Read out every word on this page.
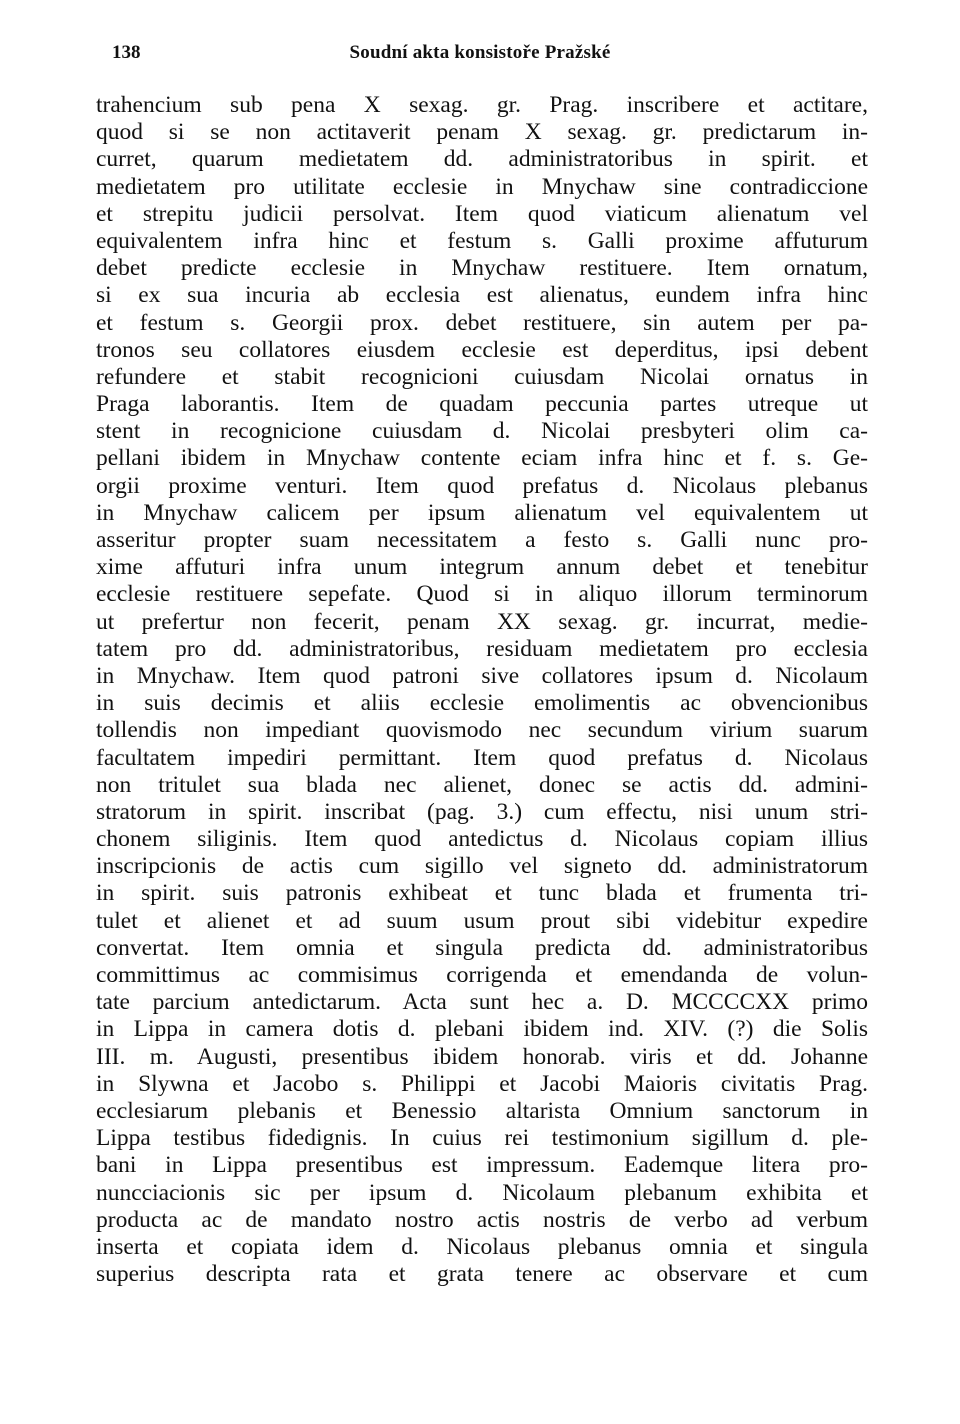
138	Soudní akta konsistoře Pražské
trahencium sub pena X sexag. gr. Prag. inscribere et actitare,
quod si se non actitaverit penam X sexag. gr. predictarum in-
curret, quarum medietatem dd. administratoribus in spirit. et
medietatem pro utilitate ecclesie in Mnychaw sine contradiccione
et strepitu judicii persolvat. Item quod viaticum alienatum vel
equivalentem infra hinc et festum s. Galli proxime affuturum
debet predicte ecclesie in Mnychaw restituere. Item ornatum,
si ex sua incuria ab ecclesia est alienatus, eundem infra hinc
et festum s. Georgii prox. debet restituere, sin autem per pa-
tronos seu collatores eiusdem ecclesie est deperditus, ipsi debent
refundere et stabit recognicioni cuiusdam Nicolai ornatus in
Praga laborantis. Item de quadam peccunia partes utreque ut
stent in recognicione cuiusdam d. Nicolai presbyteri olim ca-
pellani ibidem in Mnychaw contente eciam infra hinc et f. s. Ge-
orgii proxime venturi. Item quod prefatus d. Nicolaus plebanus
in Mnychaw calicem per ipsum alienatum vel equivalentem ut
asseritur propter suam necessitatem a festo s. Galli nunc pro-
xime affuturi infra unum integrum annum debet et tenebitur
ecclesie restituere sepefate. Quod si in aliquo illorum terminorum
ut prefertur non fecerit, penam XX sexag. gr. incurrat, medie-
tatem pro dd. administratoribus, residuam medietatem pro ecclesia
in Mnychaw. Item quod patroni sive collatores ipsum d. Nicolaum
in suis decimis et aliis ecclesie emolimentis ac obvencionibus
tollendis non impediant quovismodo nec secundum virium suarum
facultatem impediri permittant. Item quod prefatus d. Nicolaus
non tritulet sua blada nec alienet, donec se actis dd. admini-
stratorum in spirit. inscribat (pag. 3.) cum effectu, nisi unum stri-
chonem siliginis. Item quod antedictus d. Nicolaus copiam illius
inscripcionis de actis cum sigillo vel signeto dd. administratorum
in spirit. suis patronis exhibeat et tunc blada et frumenta tri-
tulet et alienet et ad suum usum prout sibi videbitur expedire
convertat. Item omnia et singula predicta dd. administratoribus
committimus ac commisimus corrigenda et emendanda de volun-
tate parcium antedictarum. Acta sunt hec a. D. MCCCCXX primo
in Lippa in camera dotis d. plebani ibidem ind. XIV. (?) die Solis
III. m. Augusti, presentibus ibidem honorab. viris et dd. Johanne
in Slywna et Jacobo s. Philippi et Jacobi Maioris civitatis Prag.
ecclesiarum plebanis et Benessio altarista Omnium sanctorum in
Lippa testibus fidedignis. In cuius rei testimonium sigillum d. ple-
bani in Lippa presentibus est impressum. Eademque litera pro-
nuncciacionis sic per ipsum d. Nicolaum plebanum exhibita et
producta ac de mandato nostro actis nostris de verbo ad verbum
inserta et copiata idem d. Nicolaus plebanus omnia et singula
superius descripta rata et grata tenere ac observare et cum
